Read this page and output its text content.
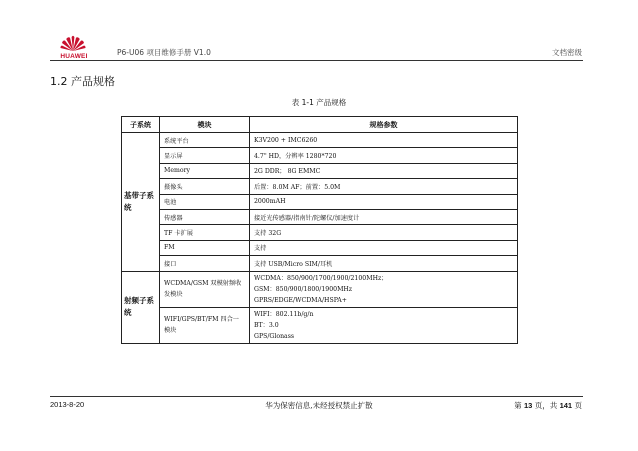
HUAWEI	P6-U06 项目维修手册 V1.0	文档密级
1.2 产品规格
表 1-1 产品规格
子系统	模块	规格参数
基带子系统	系统平台	K3V200 + IMC6260
	显示屏	4.7" HD，分辨率 1280*720
	Memory	2G DDR； 8G EMMC
	摄像头	后置：8.0M AF；前置：5.0M
	电池	2000mAH
	传感器	接近光传感器/指南针/陀螺仪/加速度计
	TF 卡扩展	支持 32G
	FM	支持
	接口	支持 USB/Micro SIM/耳机
射频子系统	WCDMA/GSM 双模射频收发模块	WCDMA：850/900/1700/1900/2100MHz；
GSM：850/900/1800/1900MHz
GPRS/EDGE/WCDMA/HSPA+

	WIFI/GPS/BT/FM 四合一模块	WIFI：802.11b/g/n
BT：3.0
GPS/Glonass
2013-8-20	华为保密信息,未经授权禁止扩散	第 13 页，共 141 页
